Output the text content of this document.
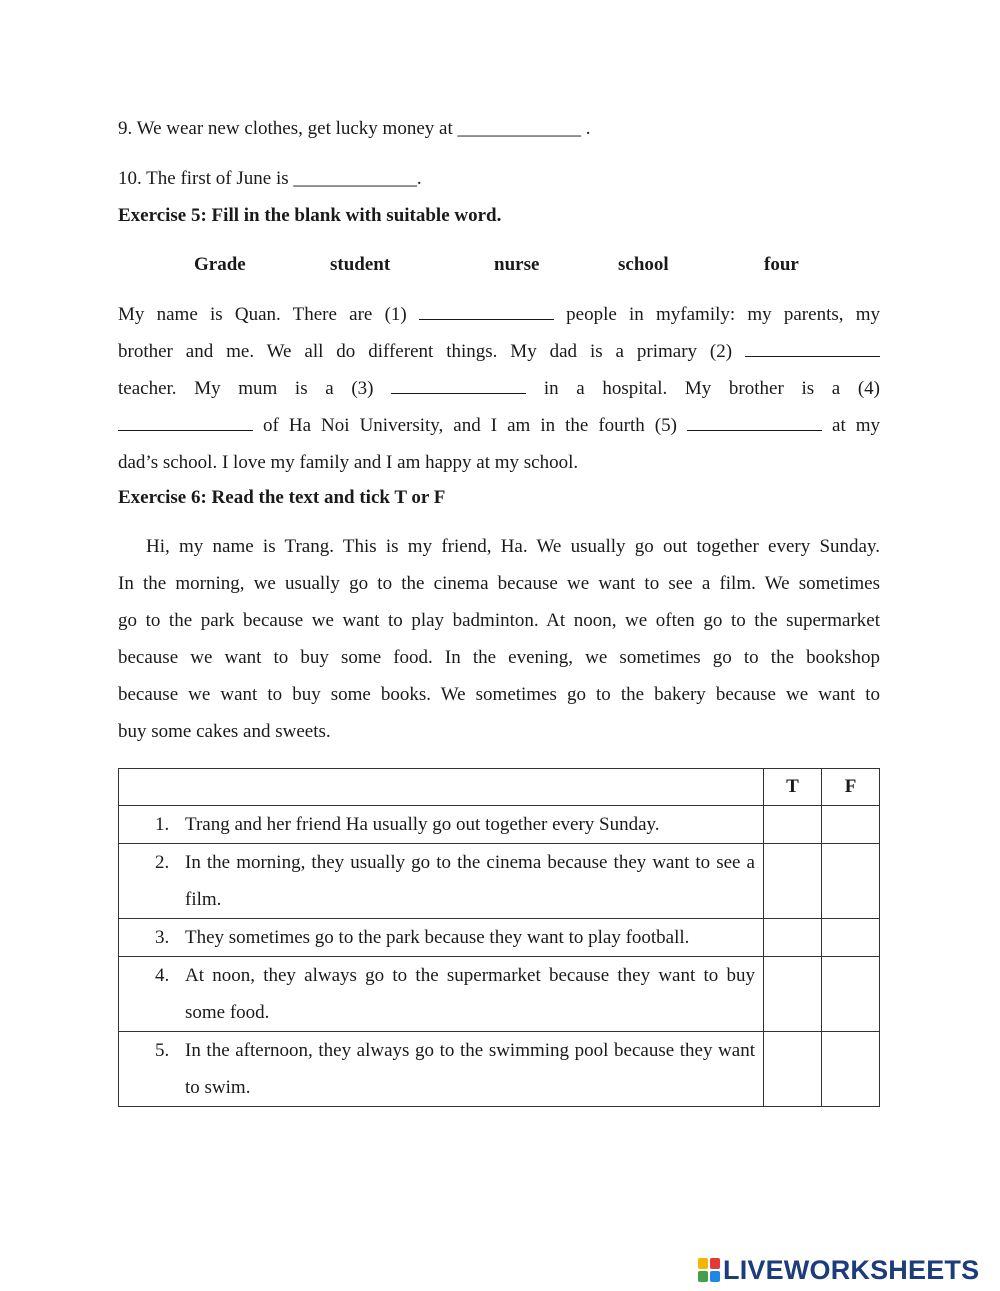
9. We wear new clothes, get lucky money at _____________ .
10. The first of June is _____________.
Exercise 5: Fill in the blank with suitable word.
Grade	student	nurse	school	four
My name is Quan. There are (1)	people in myfamily: my parents, my
brother and me. We all do different things. My dad is a primary (2)
teacher. My mum is a (3)	in a hospital. My brother is a (4)
of Ha Noi University, and I am in the fourth (5)	at my
dad’s school. I love my family and I am happy at my school.
Exercise 6: Read the text and tick T or F
Hi, my name is Trang. This is my friend, Ha. We usually go out together every Sunday.
In the morning, we usually go to the cinema because we want to see a film. We sometimes
go to the park because we want to play badminton. At noon, we often go to the supermarket
because we want to buy some food. In the evening, we sometimes go to the bookshop
because we want to buy some books. We sometimes go to the bakery because we want to
buy some cakes and sweets.
	T	F
1. Trang and her friend Ha usually go out together every Sunday.		
2. In the morning, they usually go to the cinema because they want to see a film.		
3. They sometimes go to the park because they want to play football.		
4. At noon, they always go to the supermarket because they want to buy some food.		
5.In the afternoon, they always go to the swimming pool because they want to swim.		
LIVEWORKSHEETS
